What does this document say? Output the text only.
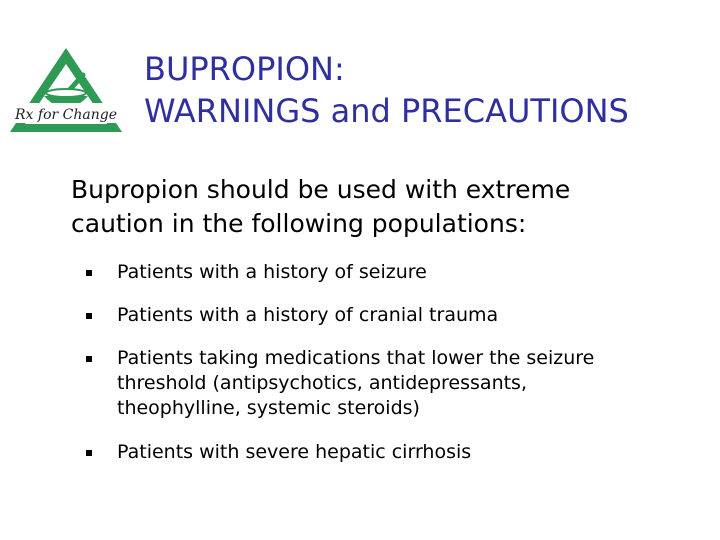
Rx for Change
BUPROPION:
WARNINGS and PRECAUTIONS
Bupropion should be used with extreme
caution in the following populations:
Patients with a history of seizure
Patients with a history of cranial trauma
Patients taking medications that lower the seizure
threshold (antipsychotics, antidepressants,
theophylline, systemic steroids)
Patients with severe hepatic cirrhosis
